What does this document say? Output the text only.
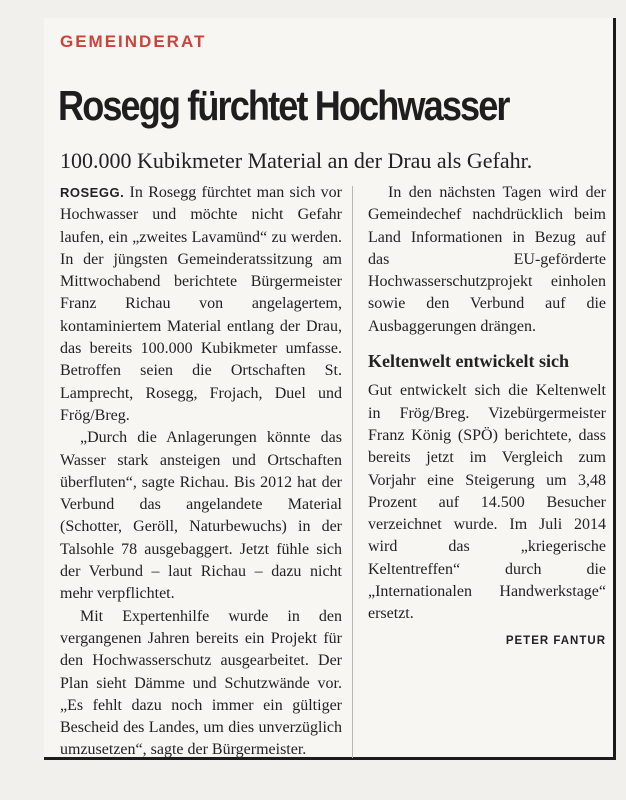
GEMEINDERAT
Rosegg fürchtet Hochwasser
100.000 Kubikmeter Material an der Drau als Gefahr.

ROSEGG. In Rosegg fürchtet man sich vor Hochwasser und möchte nicht Gefahr laufen, ein „zweites Lavamünd“ zu werden. In der jüngsten Gemeinderatssitzung am Mittwochabend berichtete Bürgermeister Franz Richau von angelagertem, kontaminiertem Material entlang der Drau, das bereits 100.000 Kubikmeter umfasse. Betroffen seien die Ortschaften St. Lamprecht, Rosegg, Frojach, Duel und Frög/Breg.

„Durch die Anlagerungen könnte das Wasser stark ansteigen und Ortschaften überfluten“, sagte Richau. Bis 2012 hat der Verbund das angelandete Material (Schotter, Geröll, Naturbewuchs) in der Talsohle 78 ausgebaggert. Jetzt fühle sich der Verbund – laut Richau – dazu nicht mehr verpflichtet.

Mit Expertenhilfe wurde in den vergangenen Jahren bereits ein Projekt für den Hochwasserschutz ausgearbeitet. Der Plan sieht Dämme und Schutzwände vor. „Es fehlt dazu noch immer ein gültiger Bescheid des Landes, um dies unverzüglich umzusetzen“, sagte der Bürgermeister.

In den nächsten Tagen wird der Gemeindechef nachdrücklich beim Land Informationen in Bezug auf das EU-geförderte Hochwasserschutzprojekt einholen sowie den Verbund auf die Ausbaggerungen drängen.

Keltenwelt entwickelt sich

Gut entwickelt sich die Keltenwelt in Frög/Breg. Vizebürgermeister Franz König (SPÖ) berichtete, dass bereits jetzt im Vergleich zum Vorjahr eine Steigerung um 3,48 Prozent auf 14.500 Besucher verzeichnet wurde. Im Juli 2014 wird das „kriegerische Keltentreffen“ durch die „Internationalen Handwerkstage“ ersetzt.

PETER FANTUR
